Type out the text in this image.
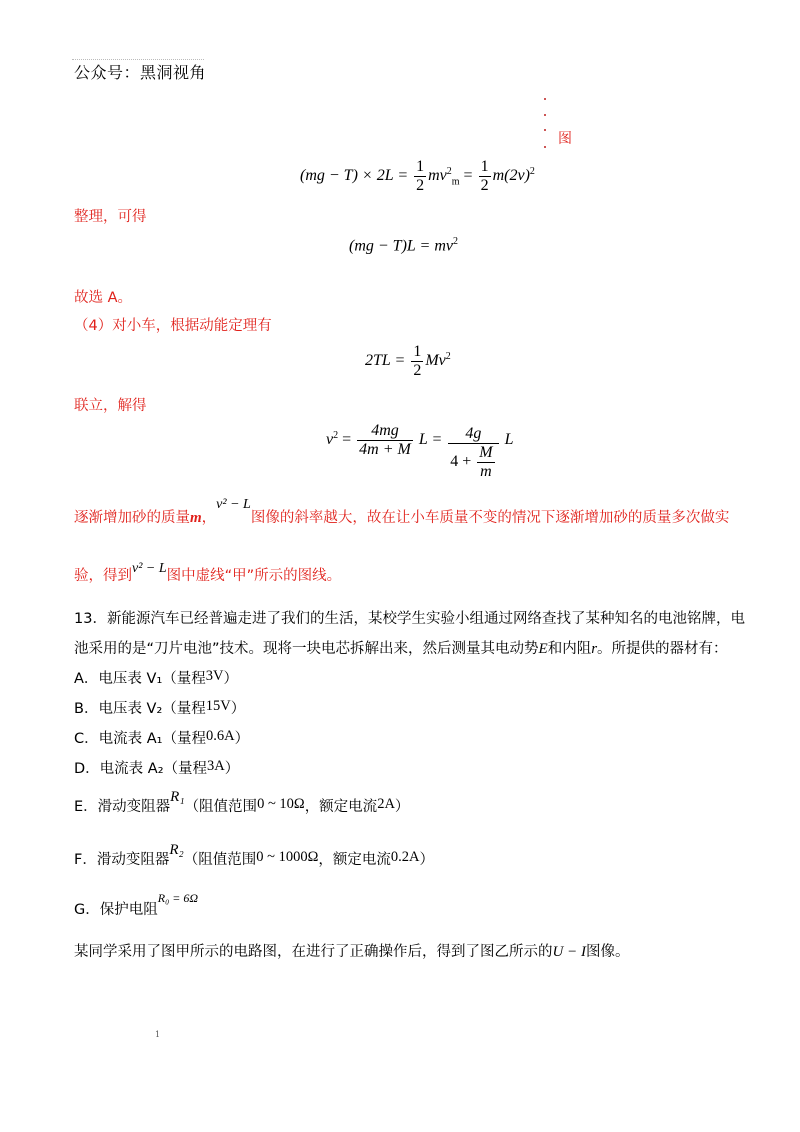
公众号：黑洞视角
图
$(mg - T) \times 2L = \frac{1}{2} mv^2_m = \frac{1}{2} m(2v)^2$
整理，可得
$(mg - T)L = mv^2$
故选 A。
（4）对小车，根据动能定理有
$2TL = \frac{1}{2} Mv^2$
联立，解得
$v^2 = \frac{4mg}{4m + M}$ $L = \frac{4g}{4 + \frac{M}{m}}$ L
逐渐增加砂的质量m，v² − L图像的斜率越大，故在让小车质量不变的情况下逐渐增加砂的质量多次做实
验，得到v² − L图中虚线“甲”所示的图线。
13．新能源汽车已经普遍走进了我们的生活，某校学生实验小组通过网络查找了某种知名的电池铭牌，电
池采用的是“刀片电池”技术。现将一块电芯拆解出来，然后测量其电动势E和内阻r。所提供的器材有：
A．电压表 V₁（量程3V）
B．电压表 V₂（量程15V）
C．电流表 A₁（量程0.6A）
D．电流表 A₂（量程3A）
E．滑动变阻器R₁（阻值范围0 ~ 10Ω，额定电流2A）
F．滑动变阻器R₂（阻值范围0 ~ 1000Ω，额定电流0.2A）
G．保护电阻$^{R_0 = 6\Omega}$
某同学采用了图甲所示的电路图，在进行了正确操作后，得到了图乙所示的U − I图像。
1
